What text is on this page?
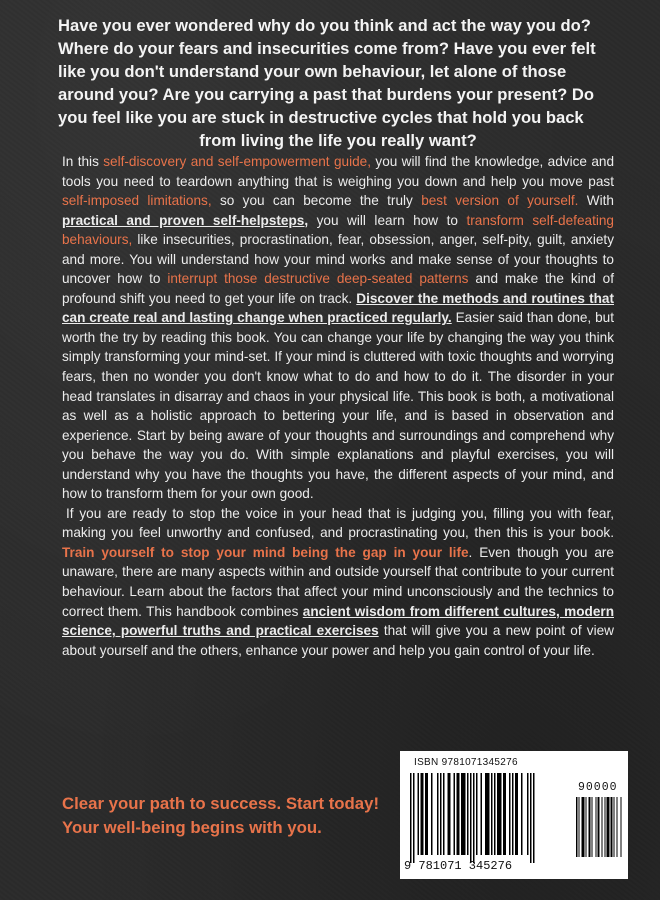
Have you ever wondered why do you think and act the way you do?

Where do your fears and insecurities come from? Have you ever felt

like you don't understand your own behaviour, let alone of those

around you? Are you carrying a past that burdens your present? Do

you feel like you are stuck in destructive cycles that hold you back

from living the life you really want?

In this self-discovery and self-empowerment guide, you will find the knowledge, advice and tools you need to teardown anything that is weighing you down and help you move past self-imposed limitations, so you can become the truly best version of yourself. With practical and proven self-helpsteps, you will learn how to transform self-defeating behaviours, like insecurities, procrastination, fear, obsession, anger, self-pity, guilt, anxiety and more. You will understand how your mind works and make sense of your thoughts to uncover how to interrupt those destructive deep-seated patterns and make the kind of profound shift you need to get your life on track. Discover the methods and routines that can create real and lasting change when practiced regularly. Easier said than done, but worth the try by reading this book. You can change your life by changing the way you think simply transforming your mind-set. If your mind is cluttered with toxic thoughts and worrying fears, then no wonder you don't know what to do and how to do it. The disorder in your head translates in disarray and chaos in your physical life. This book is both, a motivational as well as a holistic approach to bettering your life, and is based in observation and experience. Start by being aware of your thoughts and surroundings and comprehend why you behave the way you do. With simple explanations and playful exercises, you will understand why you have the thoughts you have, the different aspects of your mind, and how to transform them for your own good.

If you are ready to stop the voice in your head that is judging you, filling you with fear, making you feel unworthy and confused, and procrastinating you, then this is your book. Train yourself to stop your mind being the gap in your life. Even though you are unaware, there are many aspects within and outside yourself that contribute to your current behaviour. Learn about the factors that affect your mind unconsciously and the technics to correct them. This handbook combines ancient wisdom from different cultures, modern science, powerful truths and practical exercises that will give you a new point of view about yourself and the others, enhance your power and help you gain control of your life.

Clear your path to success. Start today!

Your well-being begins with you.

ISBN 9781071345276
90000
9 781071 345276
